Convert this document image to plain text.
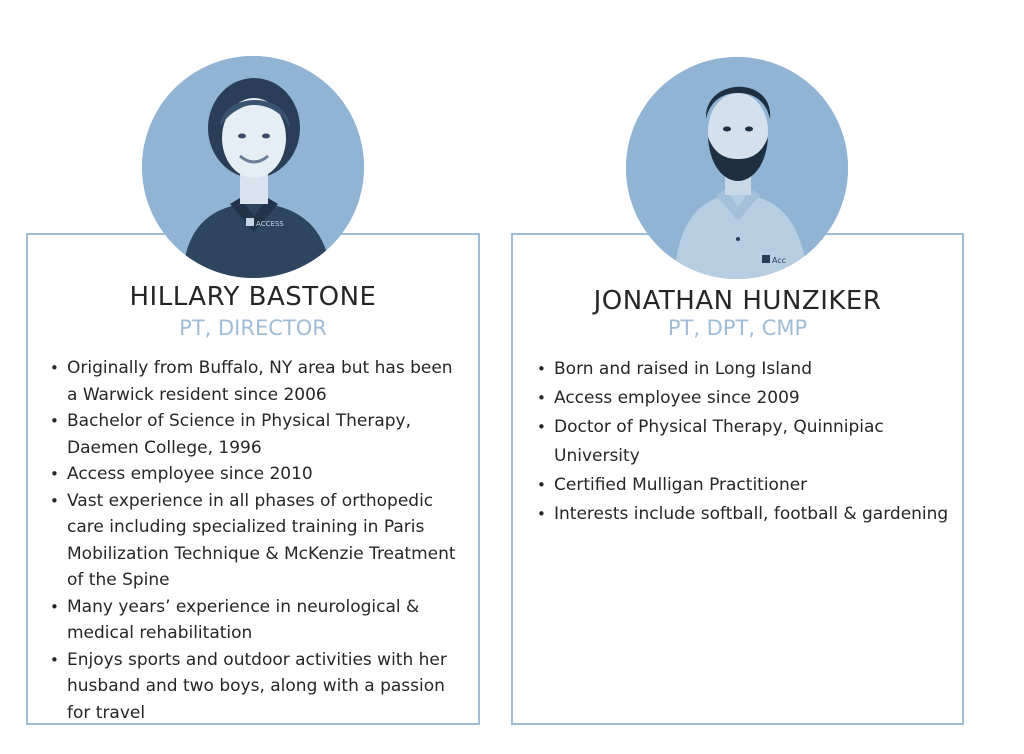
ACCESS
Acc
HILLARY BASTONE
PT, DIRECTOR
• Originally from Buffalo, NY area but has been a Warwick resident since 2006
• Bachelor of Science in Physical Therapy, Daemen College, 1996
• Access employee since 2010
• Vast experience in all phases of orthopedic care including specialized training in Paris Mobilization Technique & McKenzie Treatment of the Spine
• Many years’ experience in neurological & medical rehabilitation
• Enjoys sports and outdoor activities with her husband and two boys, along with a passion for travel
JONATHAN HUNZIKER
PT, DPT, CMP
• Born and raised in Long Island
• Access employee since 2009
• Doctor of Physical Therapy, Quinnipiac University
• Certified Mulligan Practitioner
• Interests include softball, football & gardening
